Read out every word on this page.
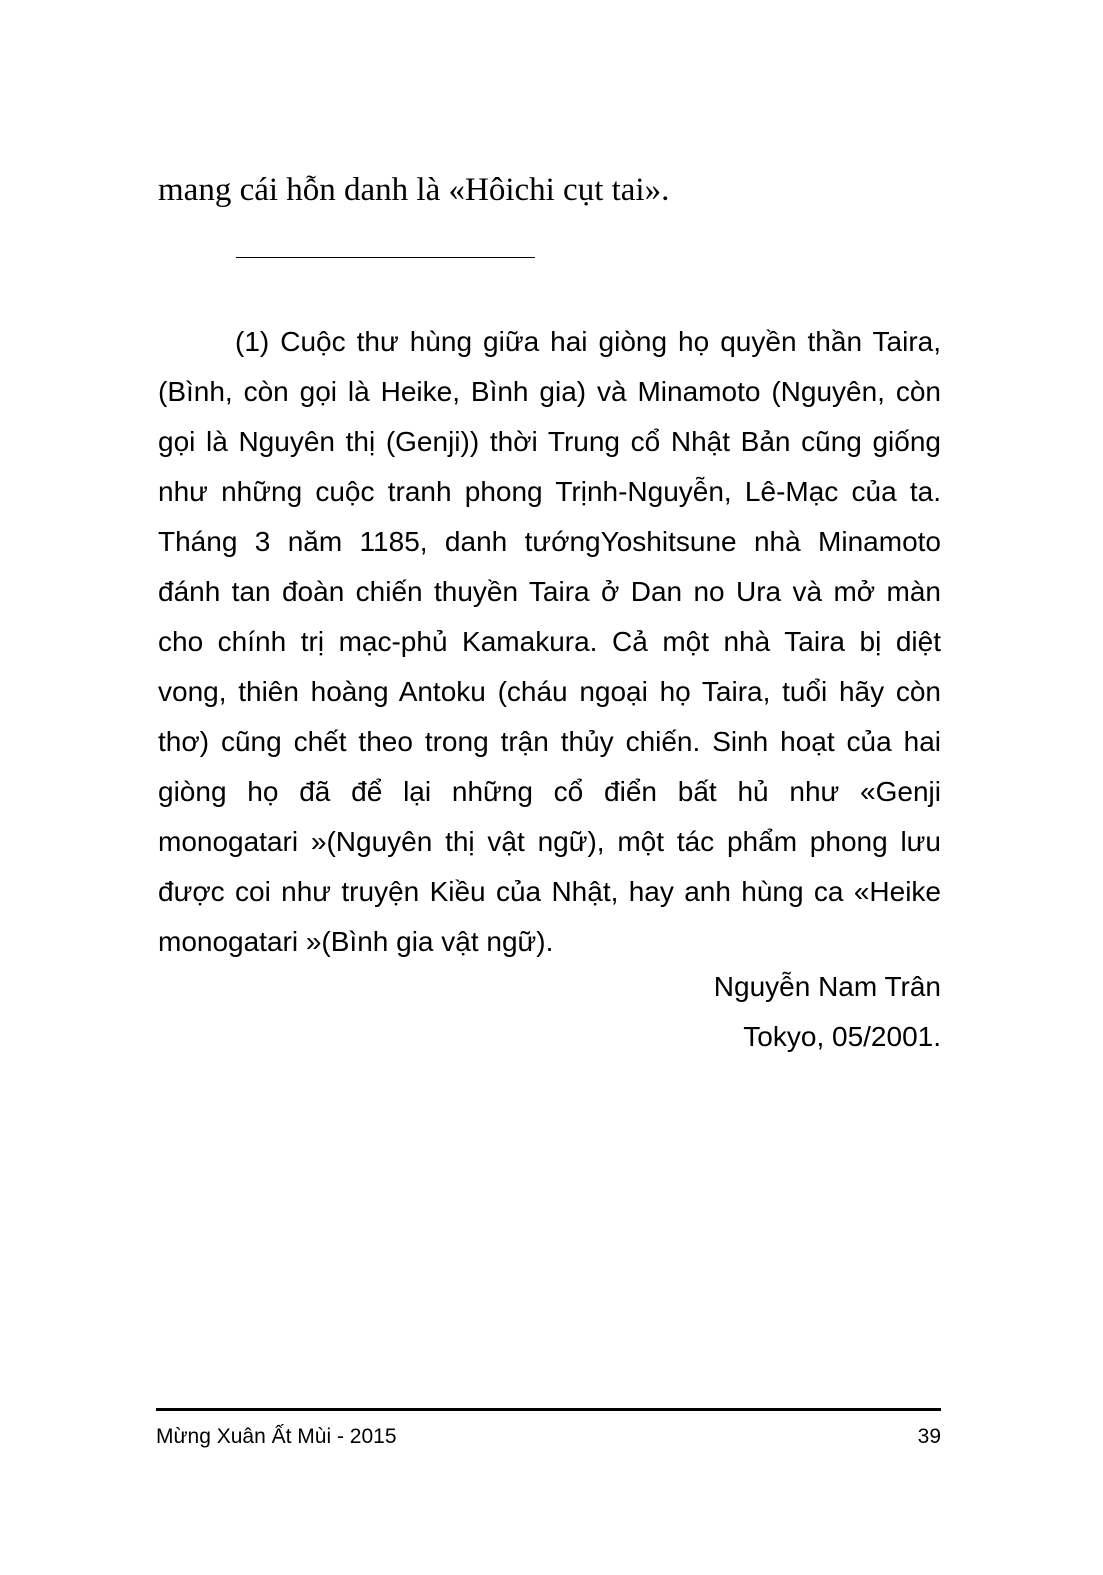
mang cái hỗn danh là «Hôichi cụt tai».

(1) Cuộc thư hùng giữa hai giòng họ quyền thần Taira, (Bình, còn gọi là Heike, Bình gia) và Minamoto (Nguyên, còn gọi là Nguyên thị (Genji)) thời Trung cổ Nhật Bản cũng giống như những cuộc tranh phong Trịnh-Nguyễn, Lê-Mạc của ta. Tháng 3 năm 1185, danh tướngYoshitsune nhà Minamoto đánh tan đoàn chiến thuyền Taira ở Dan no Ura và mở màn cho chính trị mạc-phủ Kamakura. Cả một nhà Taira bị diệt vong, thiên hoàng Antoku (cháu ngoại họ Taira, tuổi hãy còn thơ) cũng chết theo trong trận thủy chiến. Sinh hoạt của hai giòng họ đã để lại những cổ điển bất hủ như «Genji monogatari »(Nguyên thị vật ngữ), một tác phẩm phong lưu được coi như truyện Kiều của Nhật, hay anh hùng ca «Heike monogatari »(Bình gia vật ngữ).

Nguyễn Nam Trân
Tokyo, 05/2001.
Mừng Xuân Ất Mùi - 2015	39
